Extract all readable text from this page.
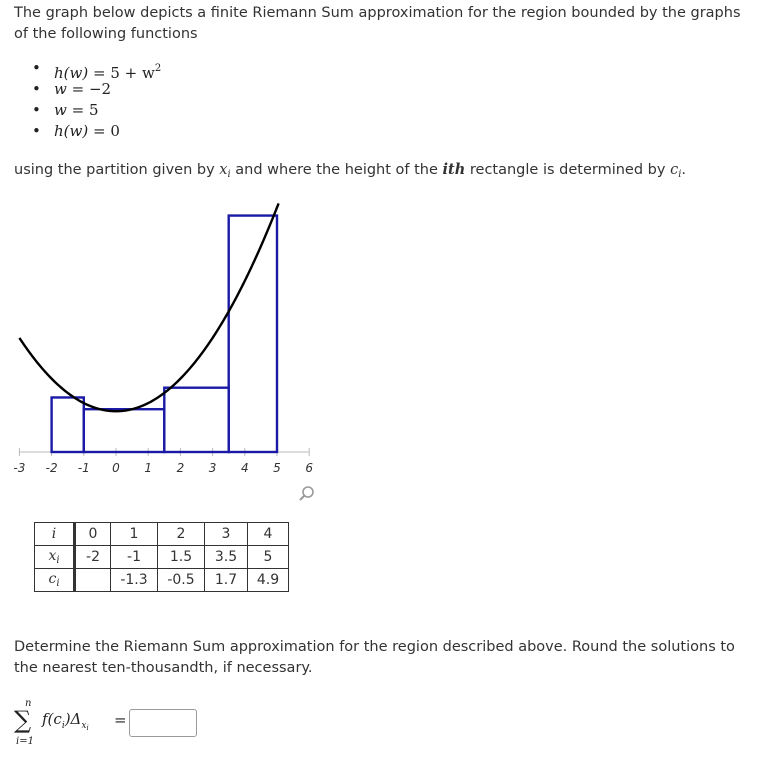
The graph below depicts a finite Riemann Sum approximation for the region bounded by the graphs of the following functions
• $h(w) = 5 + w^2$
• w = −2
• w = 5
• h(w) = 0
using the partition given by $x_i$ and where the height of the ith rectangle is determined by $c_i$.
-3 -2 -1 0 1 2 3 4 5 6
i	0	1	2	3	4
$x_i$	-2	-1	1.5	3.5	5
$c_i$		-1.3	-0.5	1.7	4.9
Determine the Riemann Sum approximation for the region described above. Round the solutions to the nearest ten-thousandth, if necessary.
n
∑
i=1
$f(c_i)\Delta_{xi}$ =
